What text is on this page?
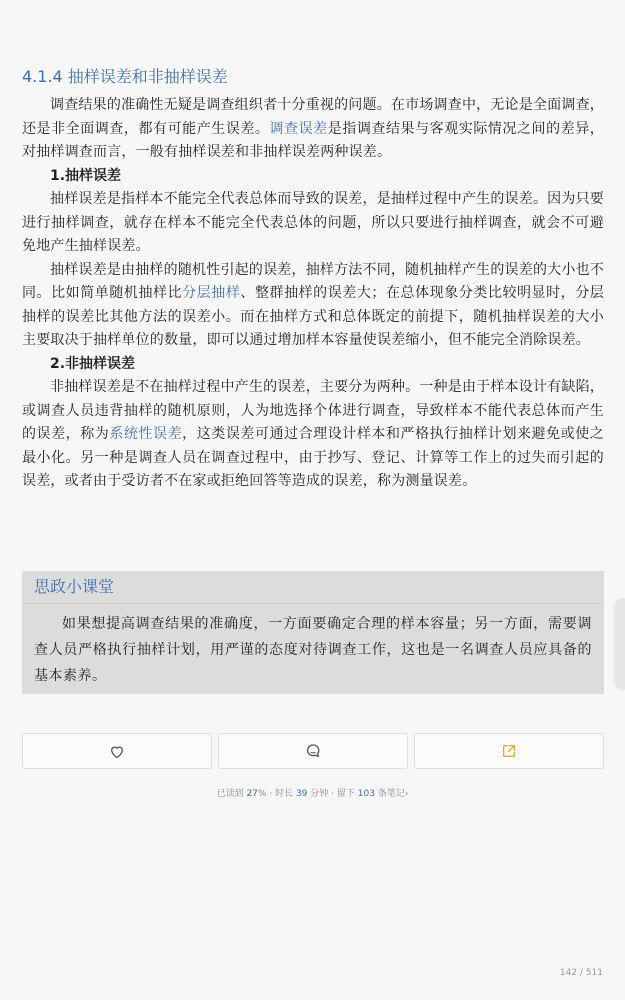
4.1.4 抽样误差和非抽样误差

调查结果的准确性无疑是调查组织者十分重视的问题。在市场调查中，无论是全面调查，还是非全面调查，都有可能产生误差。调查误差是指调查结果与客观实际情况之间的差异，对抽样调查而言，一般有抽样误差和非抽样误差两种误差。

1.抽样误差

抽样误差是指样本不能完全代表总体而导致的误差，是抽样过程中产生的误差。因为只要进行抽样调查，就存在样本不能完全代表总体的问题，所以只要进行抽样调查，就会不可避免地产生抽样误差。

抽样误差是由抽样的随机性引起的误差，抽样方法不同，随机抽样产生的误差的大小也不同。比如简单随机抽样比分层抽样、整群抽样的误差大；在总体现象分类比较明显时，分层抽样的误差比其他方法的误差小。而在抽样方式和总体既定的前提下，随机抽样误差的大小主要取决于抽样单位的数量，即可以通过增加样本容量使误差缩小，但不能完全消除误差。

2.非抽样误差

非抽样误差是不在抽样过程中产生的误差，主要分为两种。一种是由于样本设计有缺陷，或调查人员违背抽样的随机原则，人为地选择个体进行调查，导致样本不能代表总体而产生的误差，称为系统性误差，这类误差可通过合理设计样本和严格执行抽样计划来避免或使之最小化。另一种是调查人员在调查过程中，由于抄写、登记、计算等工作上的过失而引起的误差，或者由于受访者不在家或拒绝回答等造成的误差，称为测量误差。

思政小课堂
如果想提高调查结果的准确度，一方面要确定合理的样本容量；另一方面，需要调查人员严格执行抽样计划，用严谨的态度对待调查工作，这也是一名调查人员应具备的基本素养。
已读到 27% · 时长 39 分钟 · 留下 103 条笔记›
142 / 511
